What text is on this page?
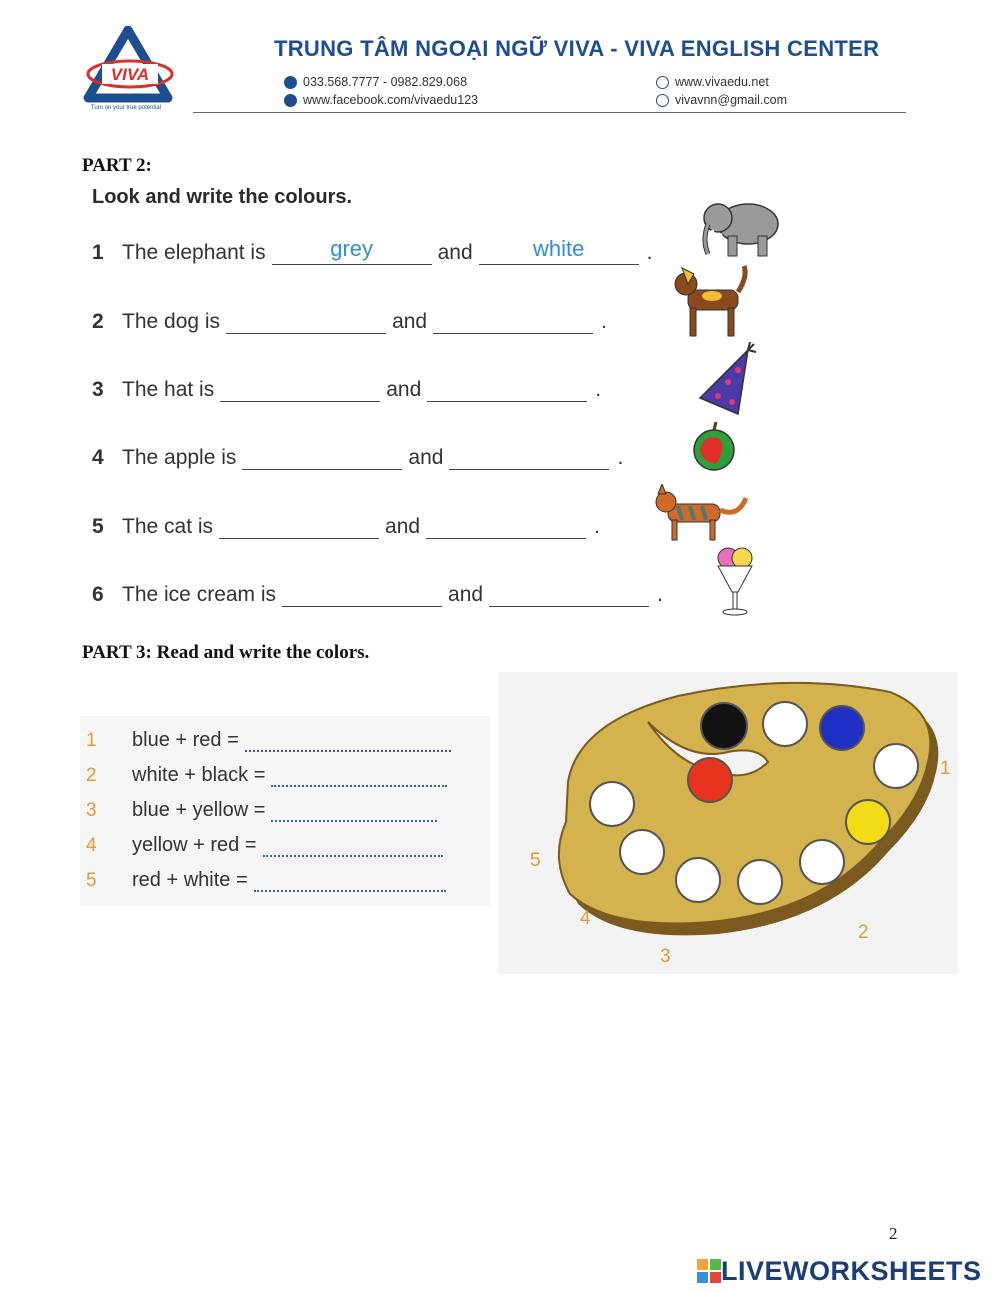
VIVA
Turn on your true potential
TRUNG TÂM NGOẠI NGỮ VIVA - VIVA ENGLISH CENTER
033.568.7777 - 0982.829.068
www.facebook.com/vivaedu123
www.vivaedu.net
vivavnn@gmail.com
PART 2:
Look and write the colours.
1 The elephant is	grey	and	white	.
2 The dog is	and	.
3 The hat is	and	.
4 The apple is	and	.
5 The cat is	and	.
6 The ice cream is	and	.
PART 3: Read and write the colors.
1	blue + red =
2	white + black =
3	blue + yellow =
4	yellow + red =
5	red + white =
1
2
3
4
5
2
LIVEWORKSHEETS
